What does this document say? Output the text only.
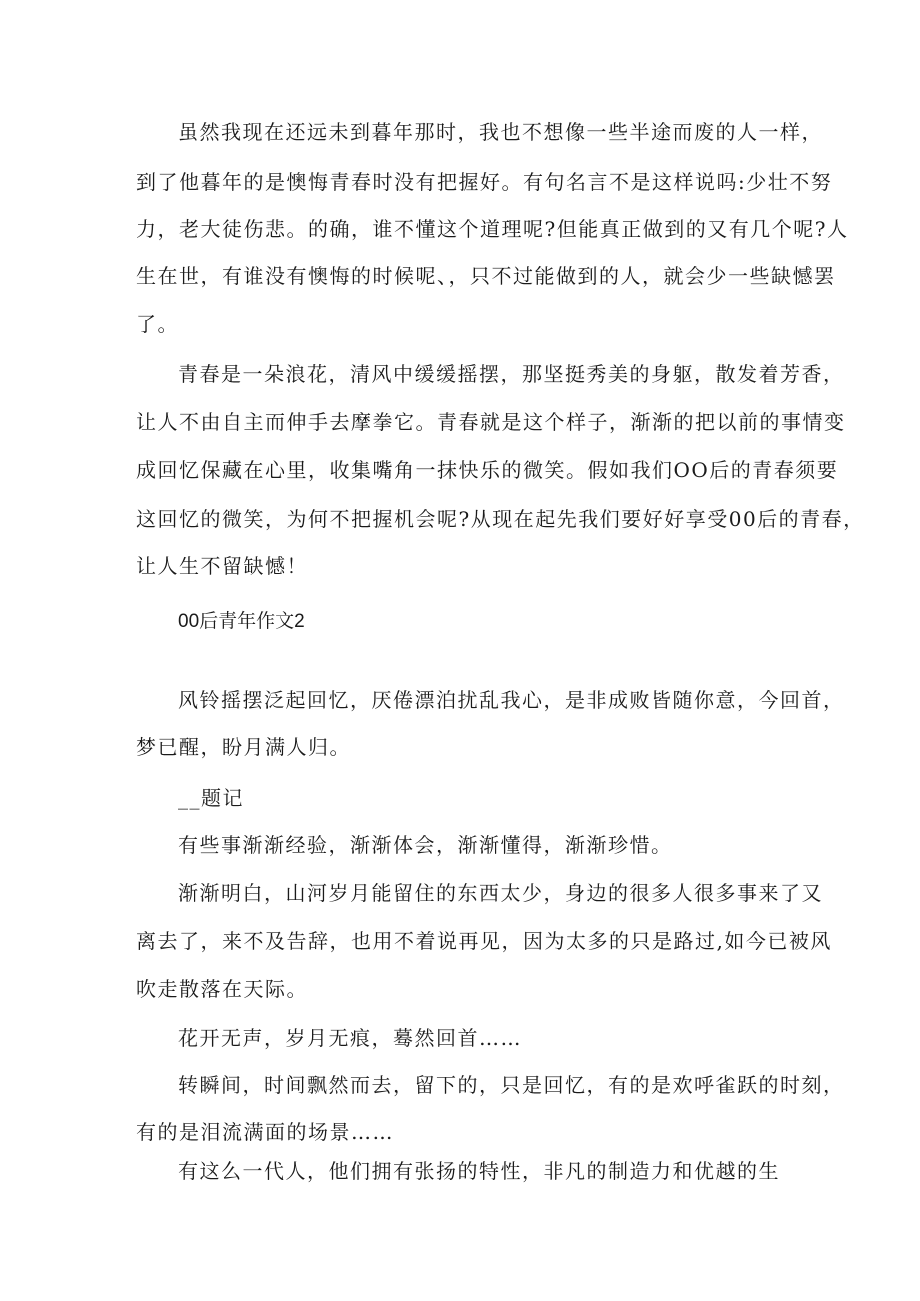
虽然我现在还远未到暮年那时，我也不想像一些半途而废的人一样，
到了他暮年的是懊悔青春时没有把握好。有句名言不是这样说吗:少壮不努
力，老大徒伤悲。的确，谁不懂这个道理呢?但能真正做到的又有几个呢?人
生在世，有谁没有懊悔的时候呢、，只不过能做到的人，就会少一些缺憾罢
了。
青春是一朵浪花，清风中缓缓摇摆，那坚挺秀美的身躯，散发着芳香，
让人不由自主而伸手去摩拳它。青春就是这个样子，渐渐的把以前的事情变
成回忆保藏在心里，收集嘴角一抹快乐的微笑。假如我们OO后的青春须要
这回忆的微笑，为何不把握机会呢?从现在起先我们要好好享受00后的青春，
让人生不留缺憾！
00后青年作文2
风铃摇摆泛起回忆，厌倦漂泊扰乱我心，是非成败皆随你意，今回首，
梦已醒，盼月满人归。
__题记
有些事渐渐经验，渐渐体会，渐渐懂得，渐渐珍惜。
渐渐明白，山河岁月能留住的东西太少，身边的很多人很多事来了又
离去了，来不及告辞，也用不着说再见，因为太多的只是路过,如今已被风
吹走散落在天际。
花开无声，岁月无痕，蓦然回首……
转瞬间，时间飘然而去，留下的，只是回忆，有的是欢呼雀跃的时刻，
有的是泪流满面的场景……
有这么一代人，他们拥有张扬的特性，非凡的制造力和优越的生
